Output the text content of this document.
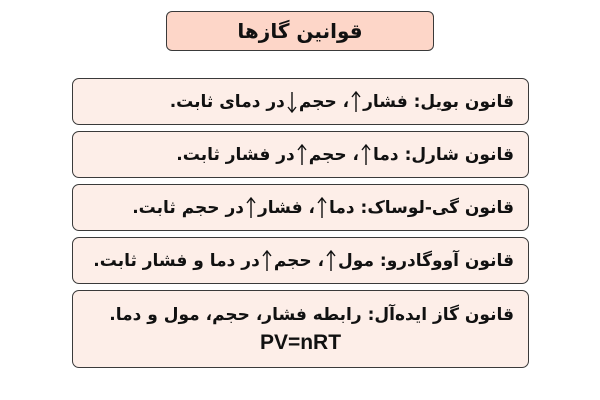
قوانین گازها
قانون بویل: فشار
، حجم
در دمای ثابت.
قانون شارل: دما
، حجم
در فشار ثابت.
قانون گی-لوساک: دما
، فشار
در حجم ثابت.
قانون آووگادرو: مول
، حجم
در دما و فشار ثابت.
قانون گاز ایده‌آل: رابطه فشار، حجم، مول و دما.
PV=nRT
